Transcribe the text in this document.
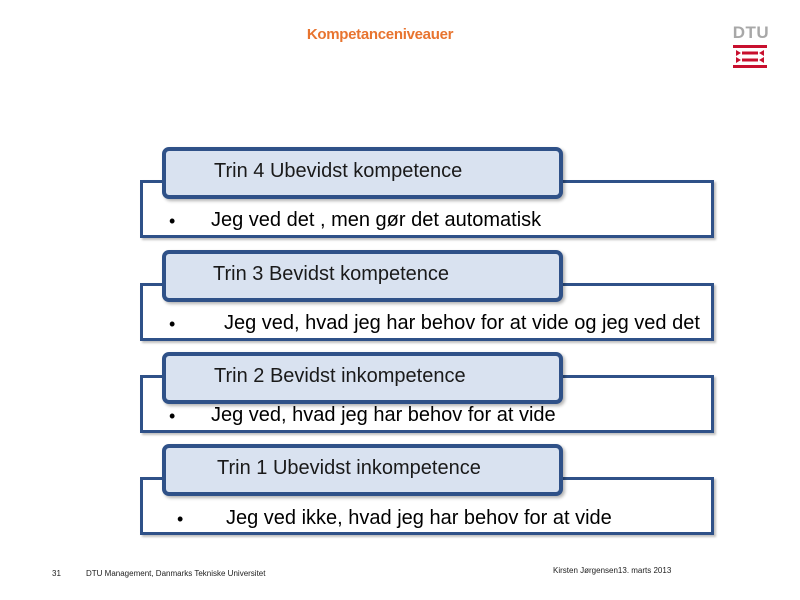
Kompetanceniveauer	DTU
Trin 4 Ubevidst kompetence
• Jeg ved det , men gør det automatisk
Trin 3 Bevidst kompetence
• Jeg ved, hvad jeg har behov for at vide og jeg ved det
Trin 2 Bevidst inkompetence
• Jeg ved, hvad jeg har behov for at vide
Trin 1 Ubevidst inkompetence
• Jeg ved ikke, hvad jeg har behov for at vide
31	DTU Management, Danmarks Tekniske Universitet	Kirsten Jørgensen13. marts 2013
